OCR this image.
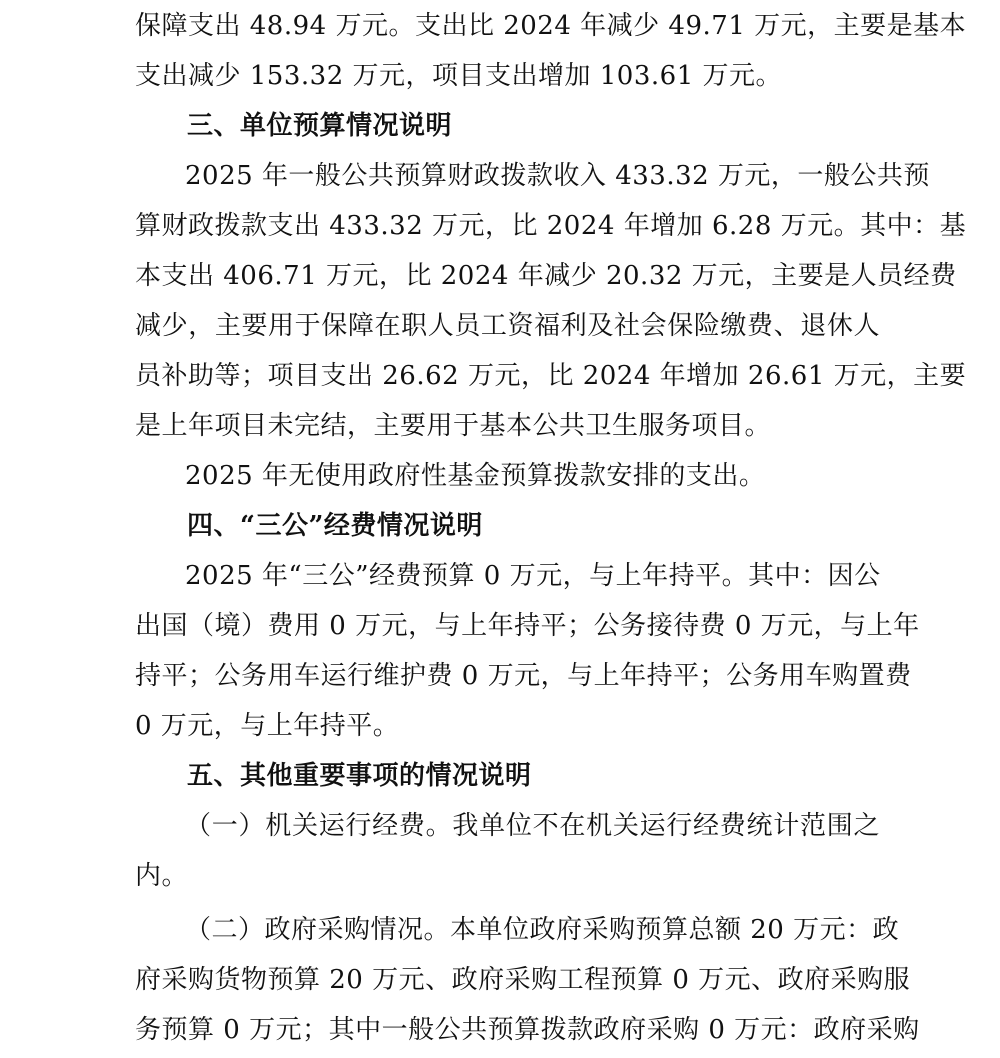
保障支出 48.94 万元。支出比 2024 年减少 49.71 万元，主要是基本
支出减少 153.32 万元，项目支出增加 103.61 万元。
三、单位预算情况说明
2025 年一般公共预算财政拨款收入 433.32 万元，一般公共预
算财政拨款支出 433.32 万元，比 2024 年增加 6.28 万元。其中：基
本支出 406.71 万元，比 2024 年减少 20.32 万元，主要是人员经费
减少，主要用于保障在职人员工资福利及社会保险缴费、退休人
员补助等；项目支出 26.62 万元，比 2024 年增加 26.61 万元，主要
是上年项目未完结，主要用于基本公共卫生服务项目。
2025 年无使用政府性基金预算拨款安排的支出。
四、“三公”经费情况说明
2025 年“三公”经费预算 0 万元，与上年持平。其中：因公
出国（境）费用 0 万元，与上年持平；公务接待费 0 万元，与上年
持平；公务用车运行维护费 0 万元，与上年持平；公务用车购置费
0 万元，与上年持平。
五、其他重要事项的情况说明
（一）机关运行经费。我单位不在机关运行经费统计范围之
内。
（二）政府采购情况。本单位政府采购预算总额 20 万元：政
府采购货物预算 20 万元、政府采购工程预算 0 万元、政府采购服
务预算 0 万元；其中一般公共预算拨款政府采购 0 万元：政府采购
